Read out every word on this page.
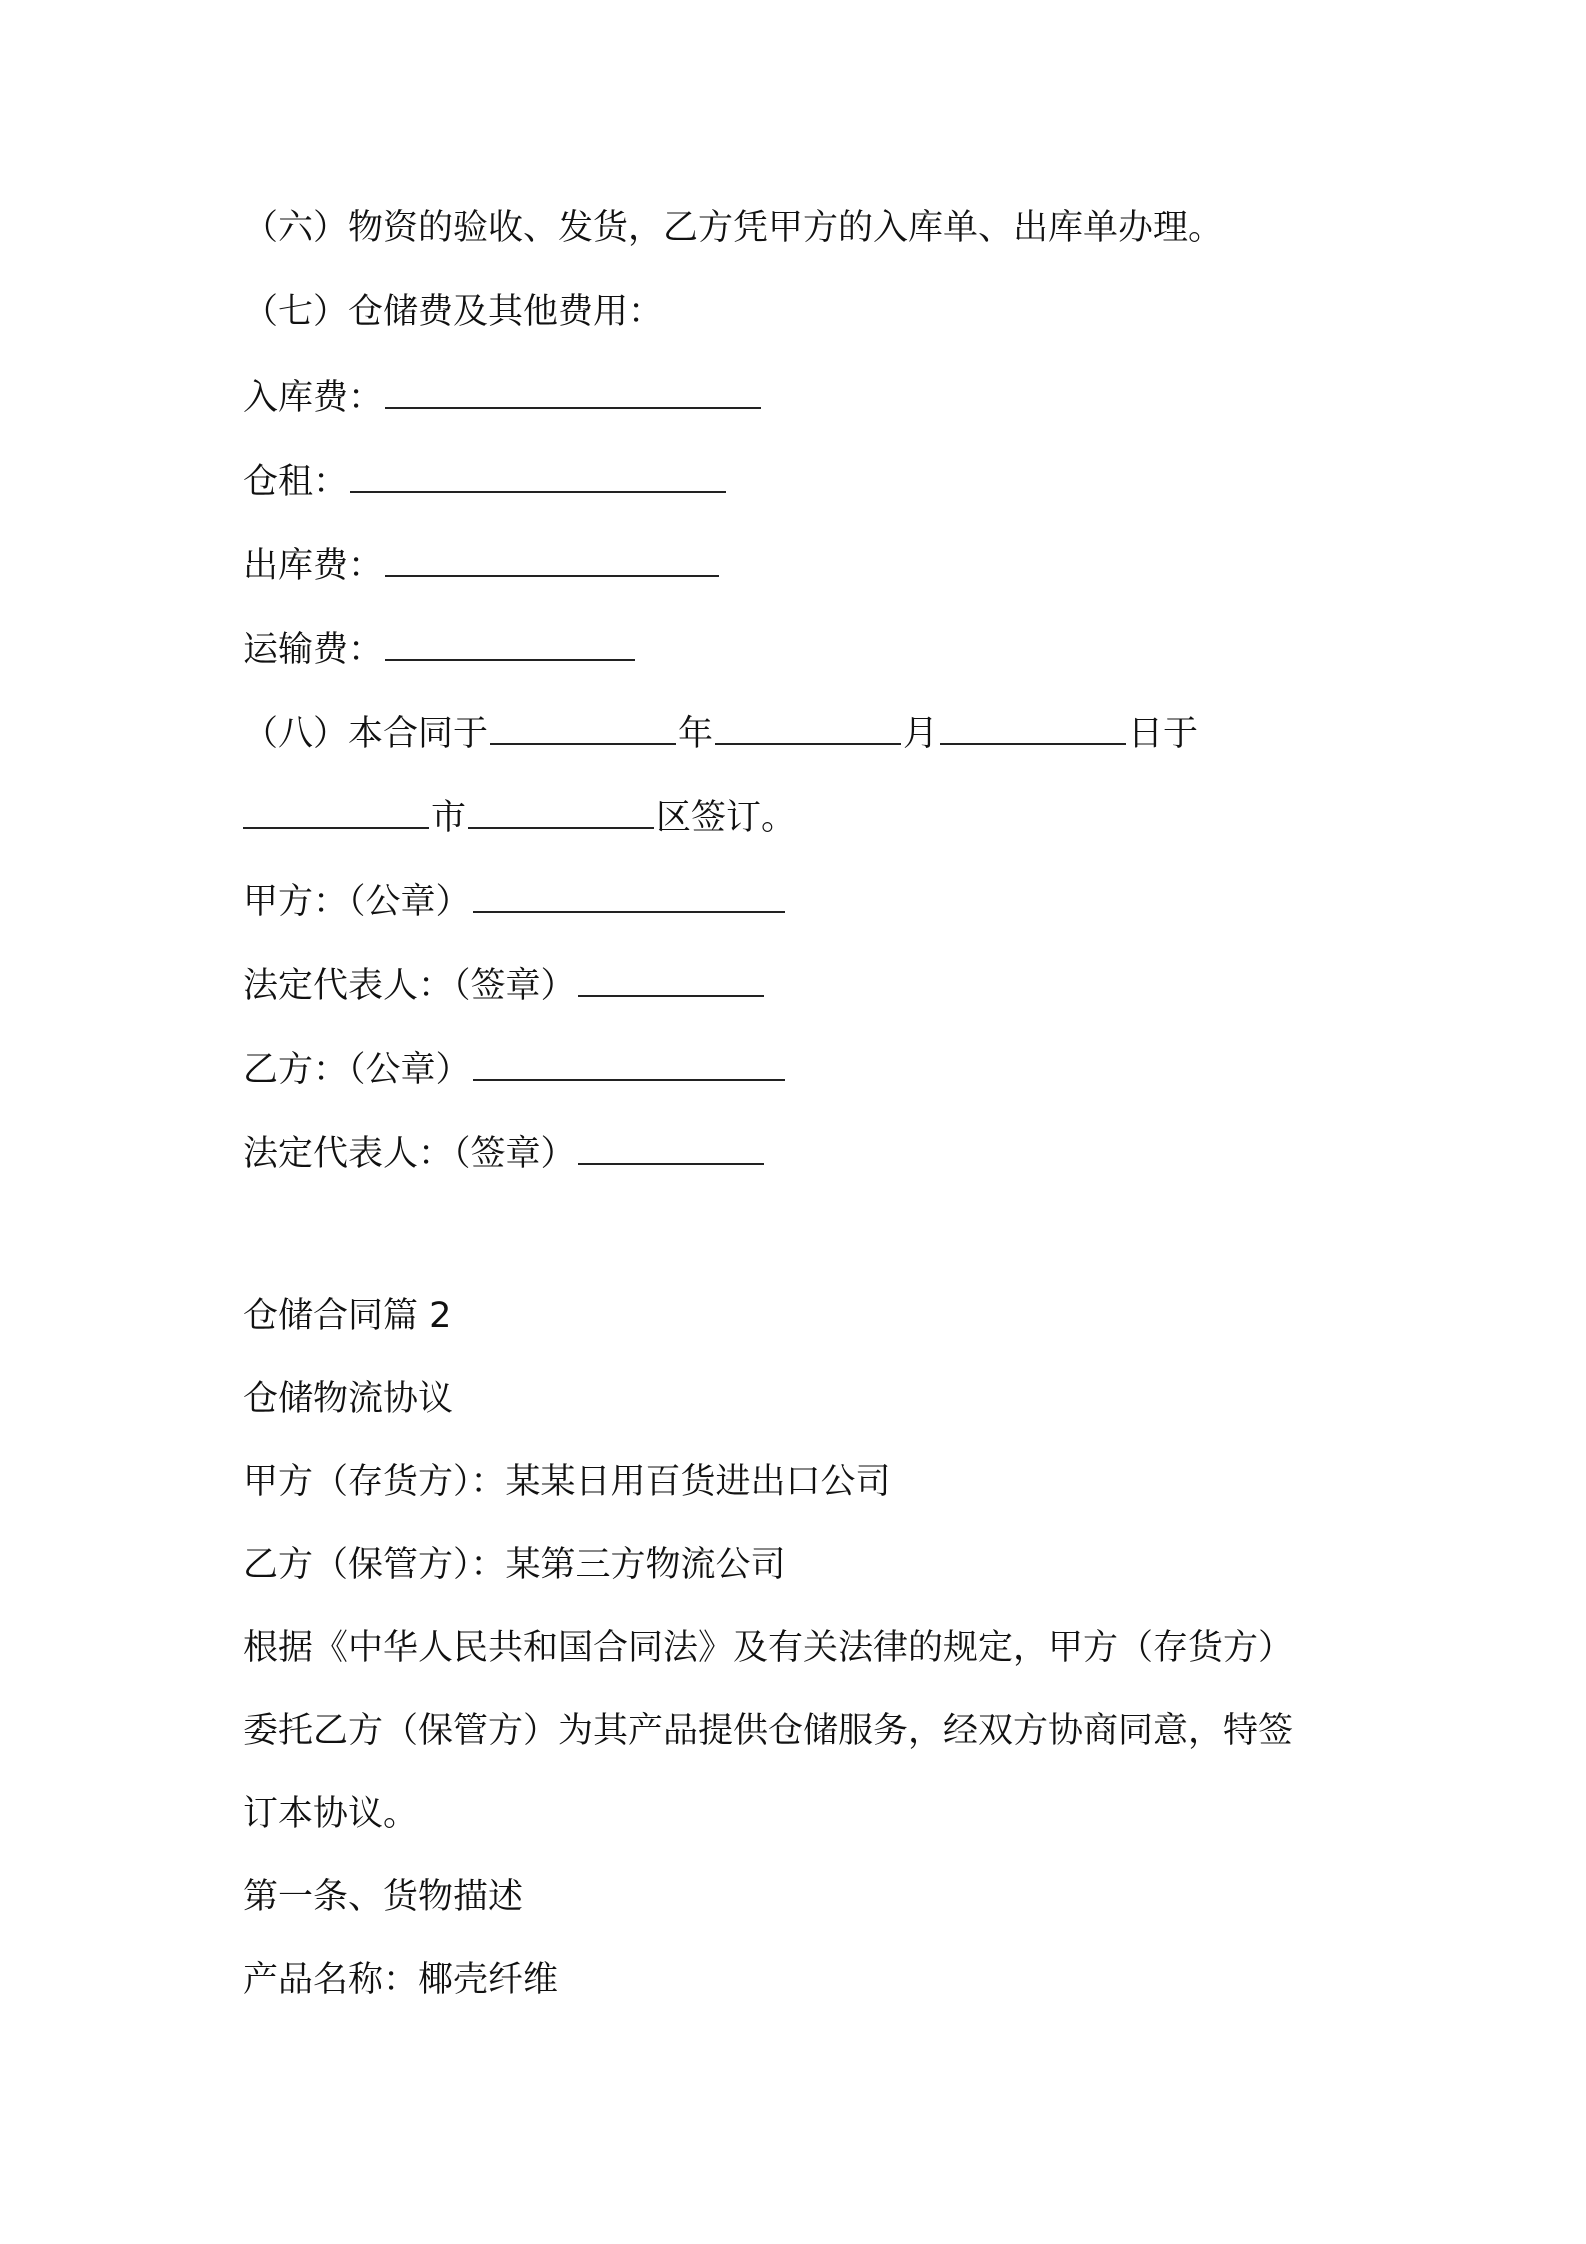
（六）物资的验收、发货，乙方凭甲方的入库单、出库单办理。
（七）仓储费及其他费用：
入库费：
仓租：
出库费：
运输费：
（八）本合同于	年	月	日于
市	区签订。
甲方：（公章）
法定代表人：（签章）
乙方：（公章）
法定代表人：（签章）
仓储合同篇 2
仓储物流协议
甲方（存货方）：某某日用百货进出口公司
乙方（保管方）：某第三方物流公司
根据《中华人民共和国合同法》及有关法律的规定，甲方（存货方）
委托乙方（保管方）为其产品提供仓储服务，经双方协商同意，特签
订本协议。
第一条、货物描述
产品名称：椰壳纤维
